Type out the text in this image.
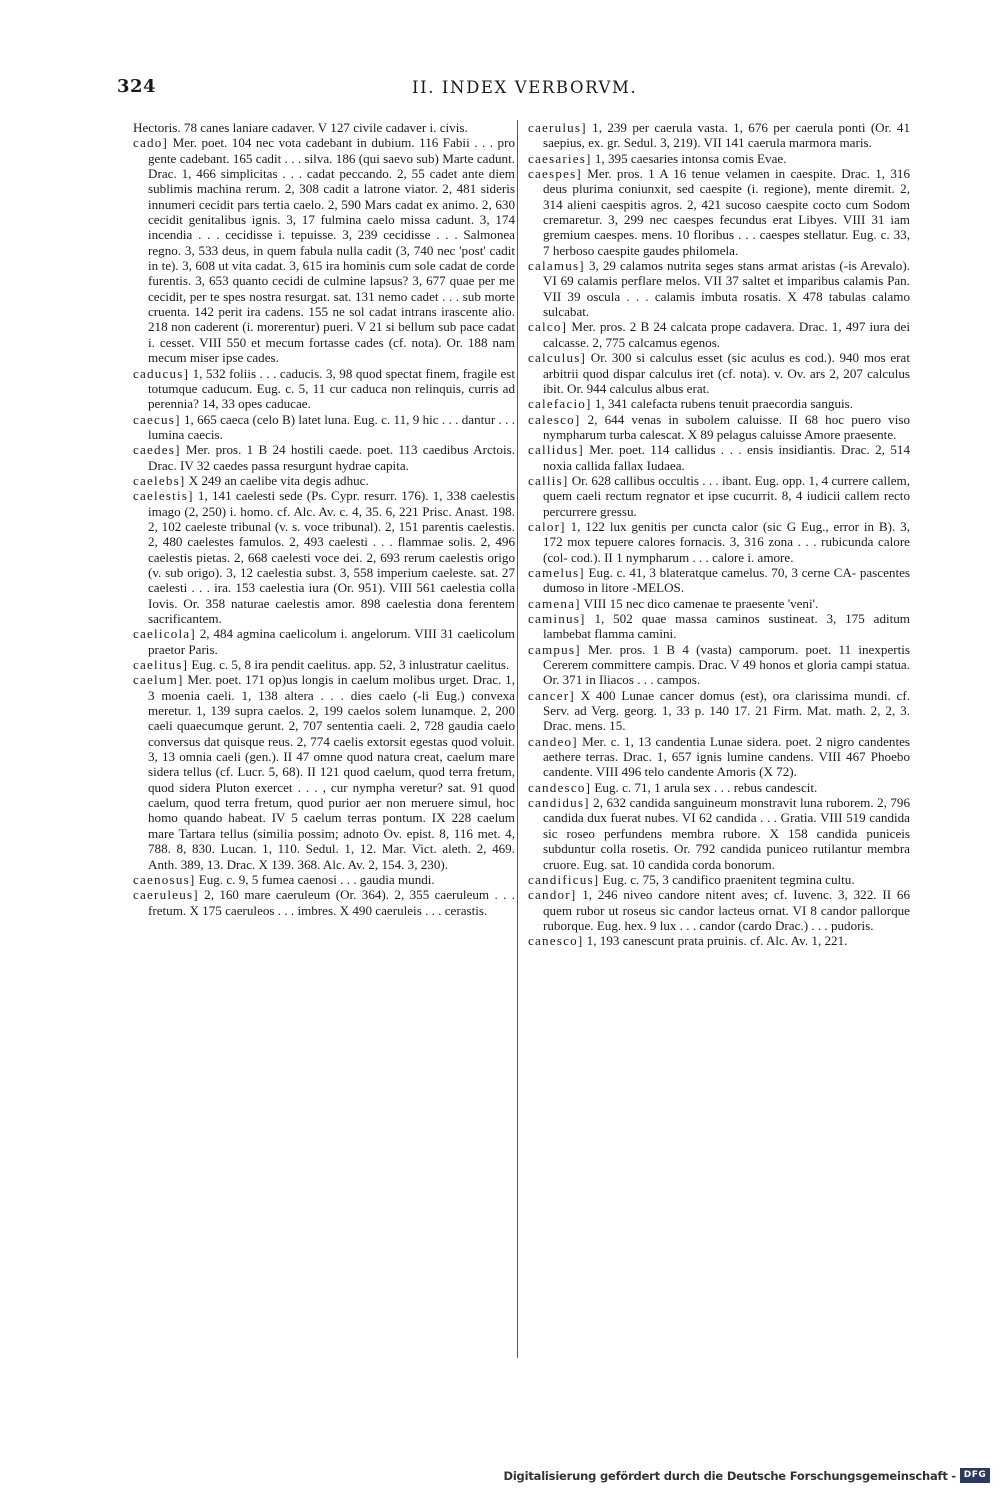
324	II. INDEX VERBORVM.

Hectoris. 78 canes laniare cadaver. V 127 civile cadaver i. civis.

cado] Mer. poet. 104 nec vota cadebant in dubium. 116 Fabii . . . pro gente cadebant. 165 cadit . . . silva. 186 (qui saevo sub) Marte cadunt. Drac. 1, 466 simplicitas . . . cadat peccando. 2, 55 cadet ante diem sublimis machina rerum. 2, 308 cadit a latrone viator. 2, 481 sideris innumeri cecidit pars tertia caelo. 2, 590 Mars cadat ex animo. 2, 630 cecidit genitalibus ignis. 3, 17 fulmina caelo missa cadunt. 3, 174 incendia . . . cecidisse i. tepuisse. 3, 239 cecidisse . . . Salmonea regno. 3, 533 deus, in quem fabula nulla cadit (3, 740 nec 'post' cadit in te). 3, 608 ut vita cadat. 3, 615 ira hominis cum sole cadat de corde furentis. 3, 653 quanto cecidi de culmine lapsus? 3, 677 quae per me cecidit, per te spes nostra resurgat. sat. 131 nemo cadet . . . sub morte cruenta. 142 perit ira cadens. 155 ne sol cadat intrans irascente alio. 218 non caderent (i. morerentur) pueri. V 21 si bellum sub pace cadat i. cesset. VIII 550 et mecum fortasse cades (cf. nota). Or. 188 nam mecum miser ipse cades.

caducus] 1, 532 foliis . . . caducis. 3, 98 quod spectat finem, fragile est totumque caducum. Eug. c. 5, 11 cur caduca non relinquis, curris ad perennia? 14, 33 opes caducae.

caecus] 1, 665 caeca (celo B) latet luna. Eug. c. 11, 9 hic . . . dantur . . . lumina caecis.

caedes] Mer. pros. 1 B 24 hostili caede. poet. 113 caedibus Arctois. Drac. IV 32 caedes passa resurgunt hydrae capita.

caelebs] X 249 an caelibe vita degis adhuc.

caelestis] 1, 141 caelesti sede (Ps. Cypr. resurr. 176). 1, 338 caelestis imago (2, 250) i. homo. cf. Alc. Av. c. 4, 35. 6, 221 Prisc. Anast. 198. 2, 102 caeleste tribunal (v. s. voce tribunal). 2, 151 parentis caelestis. 2, 480 caelestes famulos. 2, 493 caelesti . . . flammae solis. 2, 496 caelestis pietas. 2, 668 caelesti voce dei. 2, 693 rerum caelestis origo (v. sub origo). 3, 12 caelestia subst. 3, 558 imperium caeleste. sat. 27 caelesti . . . ira. 153 caelestia iura (Or. 951). VIII 561 caelestia colla Iovis. Or. 358 naturae caelestis amor. 898 caelestia dona ferentem sacrificantem.

caelicola] 2, 484 agmina caelicolum i. angelorum. VIII 31 caelicolum praetor Paris.

caelitus] Eug. c. 5, 8 ira pendit caelitus. app. 52, 3 inlustratur caelitus.

caelum] Mer. poet. 171 op)us longis in caelum molibus urget. Drac. 1, 3 moenia caeli. 1, 138 altera . . . dies caelo (-li Eug.) convexa meretur. 1, 139 supra caelos. 2, 199 caelos solem lunamque. 2, 200 caeli quaecumque gerunt. 2, 707 sententia caeli. 2, 728 gaudia caelo conversus dat quisque reus. 2, 774 caelis extorsit egestas quod voluit. 3, 13 omnia caeli (gen.). II 47 omne quod natura creat, caelum mare sidera tellus (cf. Lucr. 5, 68). II 121 quod caelum, quod terra fretum, quod sidera Pluton exercet . . . , cur nympha veretur? sat. 91 quod caelum, quod terra fretum, quod purior aer non meruere simul, hoc homo quando habeat. IV 5 caelum terras pontum. IX 228 caelum mare Tartara tellus (similia possim; adnoto Ov. epist. 8, 116 met. 4, 788. 8, 830. Lucan. 1, 110. Sedul. 1, 12. Mar. Vict. aleth. 2, 469. Anth. 389, 13. Drac. X 139. 368. Alc. Av. 2, 154. 3, 230).

caenosus] Eug. c. 9, 5 fumea caenosi . . . gaudia mundi.

caeruleus] 2, 160 mare caeruleum (Or. 364). 2, 355 caeruleum . . . fretum. X 175 caeruleos . . . imbres. X 490 caeruleis . . . cerastis.

caerulus] 1, 239 per caerula vasta. 1, 676 per caerula ponti (Or. 41 saepius, ex. gr. Sedul. 3, 219). VII 141 caerula marmora maris.

caesaries] 1, 395 caesaries intonsa comis Evae.

caespes] Mer. pros. 1 A 16 tenue velamen in caespite. Drac. 1, 316 deus plurima coniunxit, sed caespite (i. regione), mente diremit. 2, 314 alieni caespitis agros. 2, 421 sucoso caespite cocto cum Sodom cremaretur. 3, 299 nec caespes fecundus erat Libyes. VIII 31 iam gremium caespes. mens. 10 floribus . . . caespes stellatur. Eug. c. 33, 7 herboso caespite gaudes philomela.

calamus] 3, 29 calamos nutrita seges stans armat aristas (-is Arevalo). VI 69 calamis perflare melos. VII 37 saltet et imparibus calamis Pan. VII 39 oscula . . . calamis imbuta rosatis. X 478 tabulas calamo sulcabat.

calco] Mer. pros. 2 B 24 calcata prope cadavera. Drac. 1, 497 iura dei calcasse. 2, 775 calcamus egenos.

calculus] Or. 300 si calculus esset (sic aculus es cod.). 940 mos erat arbitrii quod dispar calculus iret (cf. nota). v. Ov. ars 2, 207 calculus ibit. Or. 944 calculus albus erat.

calefacio] 1, 341 calefacta rubens tenuit praecordia sanguis.

calesco] 2, 644 venas in subolem caluisse. II 68 hoc puero viso nympharum turba calescat. X 89 pelagus caluisse Amore praesente.

callidus] Mer. poet. 114 callidus . . . ensis insidiantis. Drac. 2, 514 noxia callida fallax Iudaea.

callis] Or. 628 callibus occultis . . . ibant. Eug. opp. 1, 4 currere callem, quem caeli rectum regnator et ipse cucurrit. 8, 4 iudicii callem recto percurrere gressu.

calor] 1, 122 lux genitis per cuncta calor (sic G Eug., error in B). 3, 172 mox tepuere calores fornacis. 3, 316 zona . . . rubicunda calore (col- cod.). II 1 nympharum . . . calore i. amore.

camelus] Eug. c. 41, 3 blateratque camelus. 70, 3 cerne CA- pascentes dumoso in litore -MELOS.

camena] VIII 15 nec dico camenae te praesente 'veni'.

caminus] 1, 502 quae massa caminos sustineat. 3, 175 aditum lambebat flamma camini.

campus] Mer. pros. 1 B 4 (vasta) camporum. poet. 11 inexpertis Cererem committere campis. Drac. V 49 honos et gloria campi statua. Or. 371 in Iliacos . . . campos.

cancer] X 400 Lunae cancer domus (est), ora clarissima mundi. cf. Serv. ad Verg. georg. 1, 33 p. 140 17. 21 Firm. Mat. math. 2, 2, 3. Drac. mens. 15.

candeo] Mer. c. 1, 13 candentia Lunae sidera. poet. 2 nigro candentes aethere terras. Drac. 1, 657 ignis lumine candens. VIII 467 Phoebo candente. VIII 496 telo candente Amoris (X 72).

candesco] Eug. c. 71, 1 arula sex . . . rebus candescit.

candidus] 2, 632 candida sanguineum monstravit luna ruborem. 2, 796 candida dux fuerat nubes. VI 62 candida . . . Gratia. VIII 519 candida sic roseo perfundens membra rubore. X 158 candida puniceis subduntur colla rosetis. Or. 792 candida puniceo rutilantur membra cruore. Eug. sat. 10 candida corda bonorum.

candificus] Eug. c. 75, 3 candifico praenitent tegmina cultu.

candor] 1, 246 niveo candore nitent aves; cf. Iuvenc. 3, 322. II 66 quem rubor ut roseus sic candor lacteus ornat. VI 8 candor pallorque ruborque. Eug. hex. 9 lux . . . candor (cardo Drac.) . . . pudoris.

canesco] 1, 193 canescunt prata pruinis. cf. Alc. Av. 1, 221.

Digitalisierung gefördert durch die Deutsche Forschungsgemeinschaft - DFG
